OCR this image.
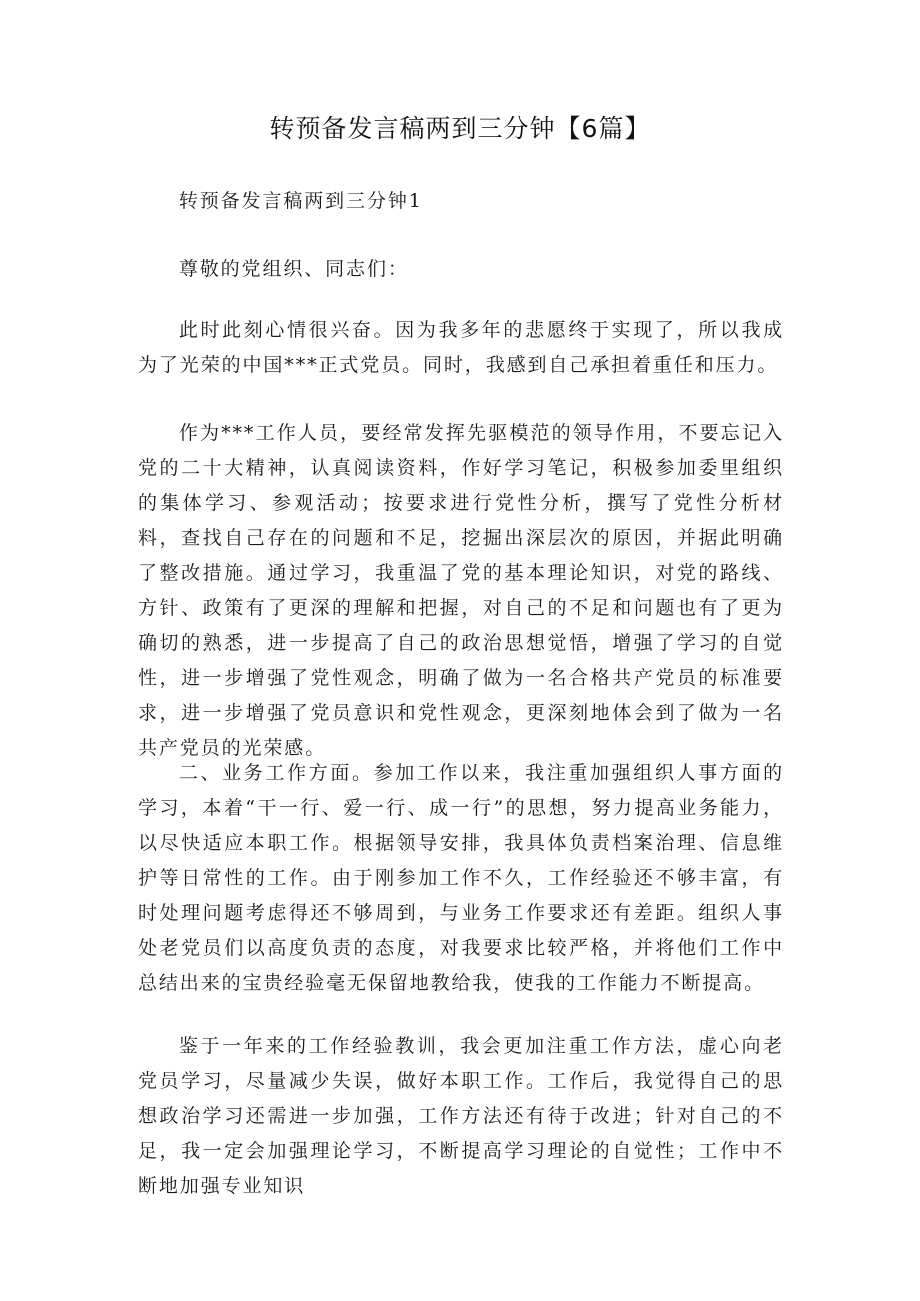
转预备发言稿两到三分钟【6篇】

转预备发言稿两到三分钟1

尊敬的党组织、同志们：

此时此刻心情很兴奋。因为我多年的悲愿终于实现了，所以我成为了光荣的中国***正式党员。同时，我感到自己承担着重任和压力。

作为***工作人员，要经常发挥先驱模范的领导作用，不要忘记入党的二十大精神，认真阅读资料，作好学习笔记，积极参加委里组织的集体学习、参观活动；按要求进行党性分析，撰写了党性分析材料，查找自己存在的问题和不足，挖掘出深层次的原因，并据此明确了整改措施。通过学习，我重温了党的基本理论知识，对党的路线、方针、政策有了更深的理解和把握，对自己的不足和问题也有了更为确切的熟悉，进一步提高了自己的政治思想觉悟，增强了学习的自觉性，进一步增强了党性观念，明确了做为一名合格共产党员的标准要求，进一步增强了党员意识和党性观念，更深刻地体会到了做为一名共产党员的光荣感。

二、业务工作方面。参加工作以来，我注重加强组织人事方面的学习，本着“干一行、爱一行、成一行”的思想，努力提高业务能力，以尽快适应本职工作。根据领导安排，我具体负责档案治理、信息维护等日常性的工作。由于刚参加工作不久，工作经验还不够丰富，有时处理问题考虑得还不够周到，与业务工作要求还有差距。组织人事处老党员们以高度负责的态度，对我要求比较严格，并将他们工作中总结出来的宝贵经验毫无保留地教给我，使我的工作能力不断提高。

鉴于一年来的工作经验教训，我会更加注重工作方法，虚心向老党员学习，尽量减少失误，做好本职工作。工作后，我觉得自己的思想政治学习还需进一步加强，工作方法还有待于改进；针对自己的不足，我一定会加强理论学习，不断提高学习理论的自觉性；工作中不断地加强专业知识
